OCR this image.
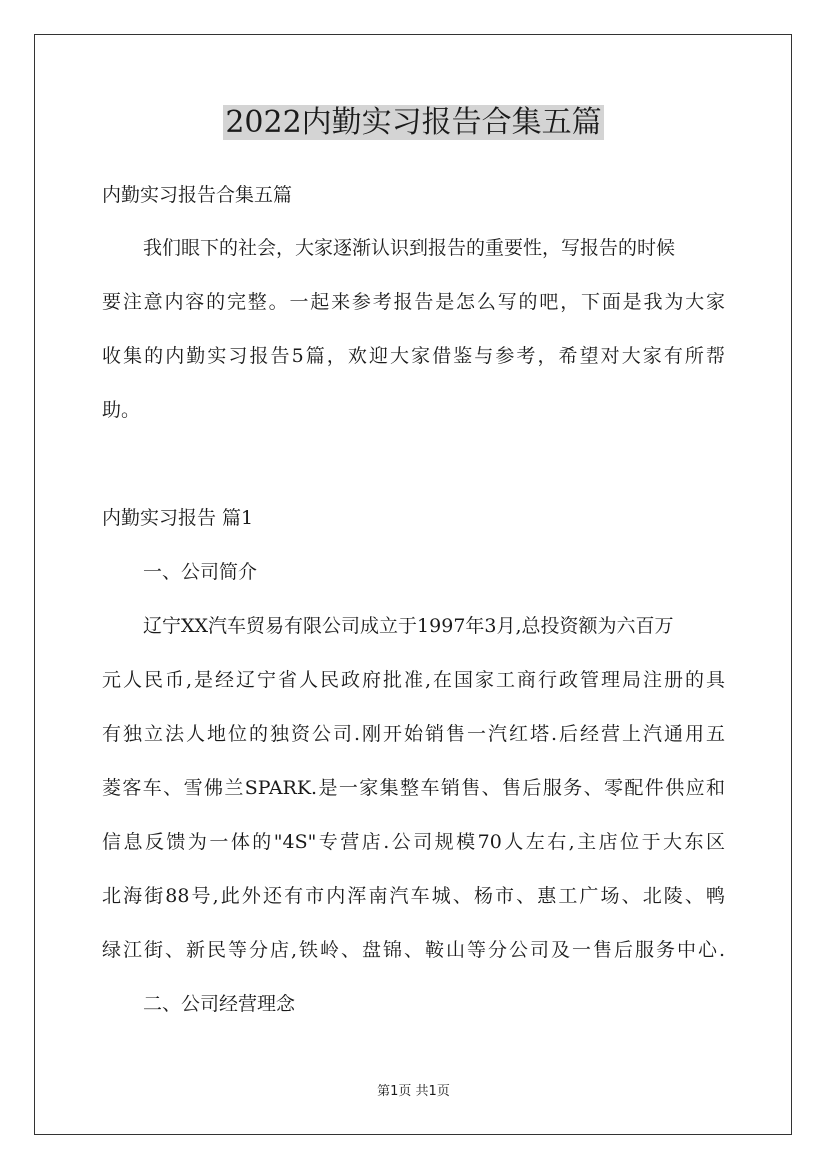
2022内勤实习报告合集五篇
内勤实习报告合集五篇
我们眼下的社会，大家逐渐认识到报告的重要性，写报告的时候
要注意内容的完整。一起来参考报告是怎么写的吧，下面是我为大家
收集的内勤实习报告5篇，欢迎大家借鉴与参考，希望对大家有所帮
助。
内勤实习报告 篇1
一、公司简介
辽宁XX汽车贸易有限公司成立于1997年3月,总投资额为六百万
元人民币,是经辽宁省人民政府批准,在国家工商行政管理局注册的具
有独立法人地位的独资公司.刚开始销售一汽红塔.后经营上汽通用五
菱客车、雪佛兰SPARK.是一家集整车销售、售后服务、零配件供应和
信息反馈为一体的"4S"专营店.公司规模70人左右,主店位于大东区
北海街88号,此外还有市内浑南汽车城、杨市、惠工广场、北陵、鸭
绿江街、新民等分店,铁岭、盘锦、鞍山等分公司及一售后服务中心.
二、公司经营理念
第1页 共1页
